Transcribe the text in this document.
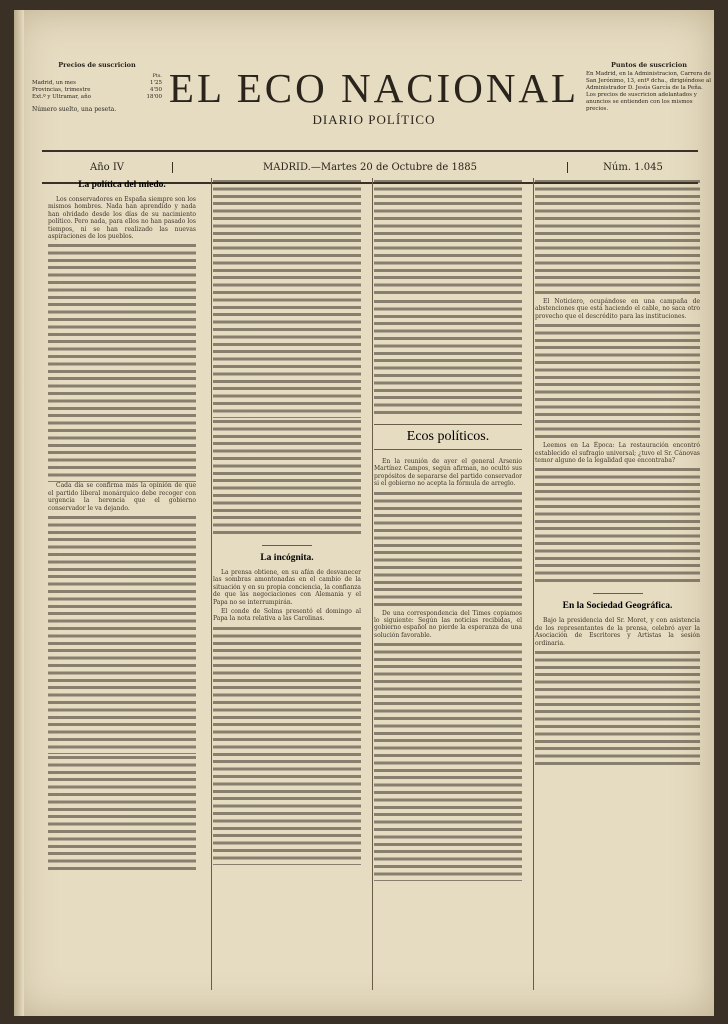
Precios de suscricion
Pts.
Madrid, un mes	1'25
Provincias, trimestre	4'50
Ext.º y Ultramar, año	18'00
Número suelto, una peseta.	EL ECO NACIONAL
DIARIO POLÍTICO
Puntos de suscricion
En Madrid, en la Administracion, Carrera de San Jerónimo, 13, entº dcha., dirigiéndose al Administrador D. Jesús García de la Peña. Los precios de suscricion adelantados y anuncios se entienden con los mismos precios.
Año IV	MADRID.—Martes 20 de Octubre de 1885	Núm. 1.045
La política del miedo.

Los conservadores en España siempre son los mismos hombres. Nada han aprendido y nada han olvidado desde los días de su nacimiento político. Pero nada, para ellos no han pasado los tiempos, ni se han realizado las nuevas aspiraciones de los pueblos.

Cada día se confirma más la opinión de que el partido liberal monárquico debe recoger con urgencia la herencia que el gobierno conservador le va dejando.

La incógnita.

La prensa obtiene, en su afán de desvanecer las sombras amontonadas en el cambio de la situación y en su propia conciencia, la confianza de que las negociaciones con Alemania y el Papa no se interrumpirán.

El conde de Solms presentó el domingo al Papa la nota relativa a las Carolinas.

Ecos políticos.

En la reunión de ayer el general Arsenio Martínez Campos, según afirman, no ocultó sus propósitos de separarse del partido conservador si el gobierno no acepta la fórmula de arreglo.

De una correspondencia del Times copiamos lo siguiente: Según las noticias recibidas, el gobierno español no pierde la esperanza de una solución favorable.

El Noticiero, ocupándose en una campaña de abstenciones que está haciendo el cable, no saca otro provecho que el descrédito para las instituciones.

Leemos en La Época: La restauración encontró establecido el sufragio universal; ¿tuvo el Sr. Cánovas temor alguno de la legalidad que encontraba?

En la Sociedad Geográfica.

Bajo la presidencia del Sr. Moret, y con asistencia de los representantes de la prensa, celebró ayer la Asociación de Escritores y Artistas la sesión ordinaria.
